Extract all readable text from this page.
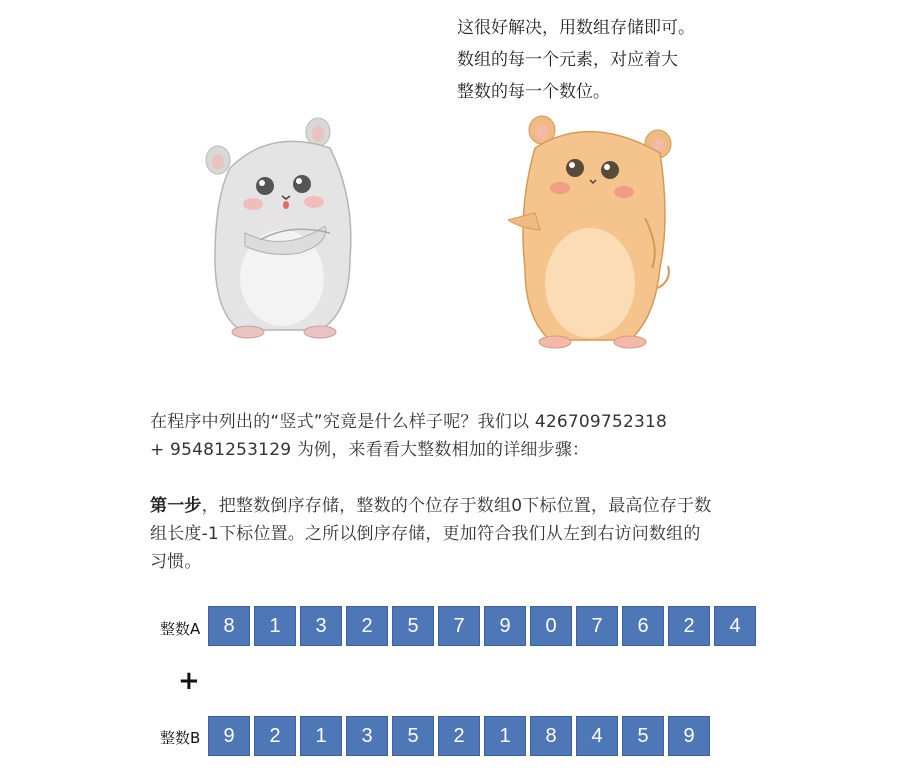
这很好解决，用数组存储即可。
数组的每一个元素，对应着大
整数的每一个数位。
在程序中列出的“竖式”究竟是什么样子呢？我们以 426709752318
+ 95481253129 为例，来看看大整数相加的详细步骤：
第一步，把整数倒序存储，整数的个位存于数组0下标位置，最高位存于数
组长度-1下标位置。之所以倒序存储，更加符合我们从左到右访问数组的
习惯。
整数A	8	1	3	2	5	7	9	0	7	6	2	4
+
整数B	9	2	1	3	5	2	1	8	4	5	9
